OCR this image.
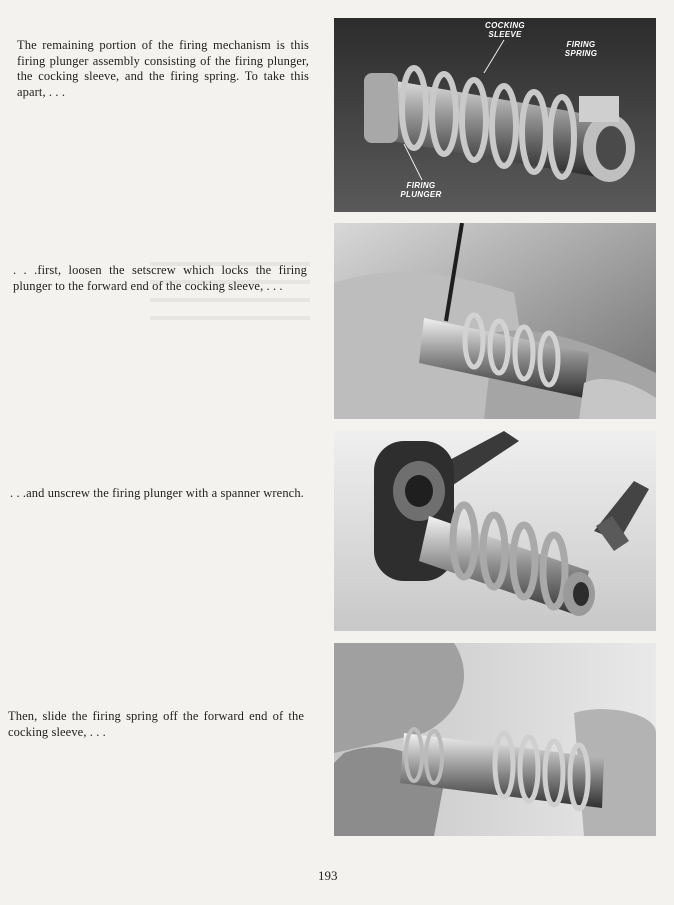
The remaining portion of the firing mechanism is this firing plunger assembly consisting of the firing plunger, the cocking sleeve, and the firing spring. To take this apart, . . .

. . .first, loosen the setscrew which locks the firing plunger to the forward end of the cocking sleeve, . . .

. . .and unscrew the firing plunger with a spanner wrench.

Then, slide the firing spring off the forward end of the cocking sleeve, . . .

COCKING SLEEVE
FIRING SPRING
FIRING PLUNGER
193
